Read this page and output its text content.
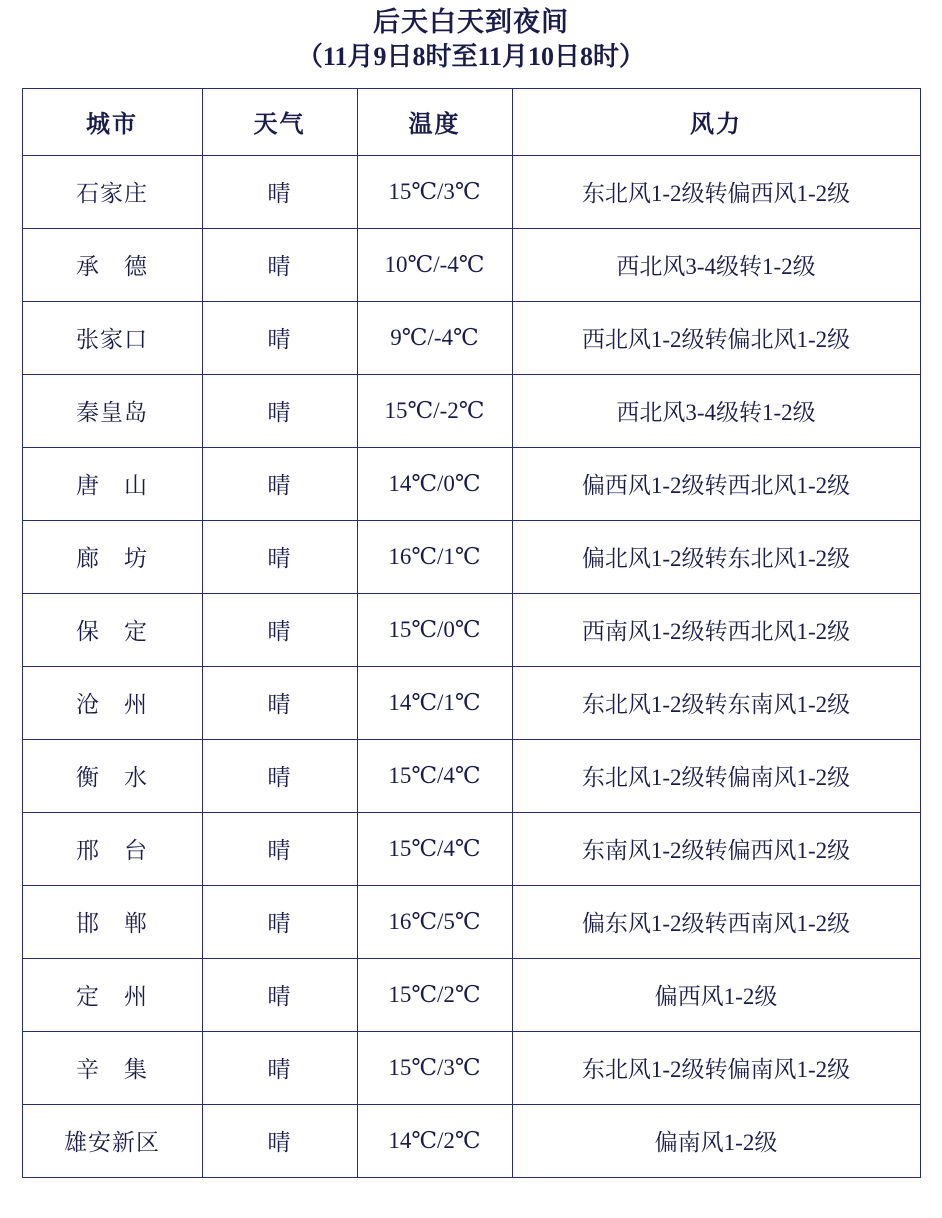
后天白天到夜间
（11月9日8时至11月10日8时）
城市	天气	温度	风力
石家庄	晴	15℃/3℃	东北风1-2级转偏西风1-2级
承　德	晴	10℃/-4℃	西北风3-4级转1-2级
张家口	晴	9℃/-4℃	西北风1-2级转偏北风1-2级
秦皇岛	晴	15℃/-2℃	西北风3-4级转1-2级
唐　山	晴	14℃/0℃	偏西风1-2级转西北风1-2级
廊　坊	晴	16℃/1℃	偏北风1-2级转东北风1-2级
保　定	晴	15℃/0℃	西南风1-2级转西北风1-2级
沧　州	晴	14℃/1℃	东北风1-2级转东南风1-2级
衡　水	晴	15℃/4℃	东北风1-2级转偏南风1-2级
邢　台	晴	15℃/4℃	东南风1-2级转偏西风1-2级
邯　郸	晴	16℃/5℃	偏东风1-2级转西南风1-2级
定　州	晴	15℃/2℃	偏西风1-2级
辛　集	晴	15℃/3℃	东北风1-2级转偏南风1-2级
雄安新区	晴	14℃/2℃	偏南风1-2级
